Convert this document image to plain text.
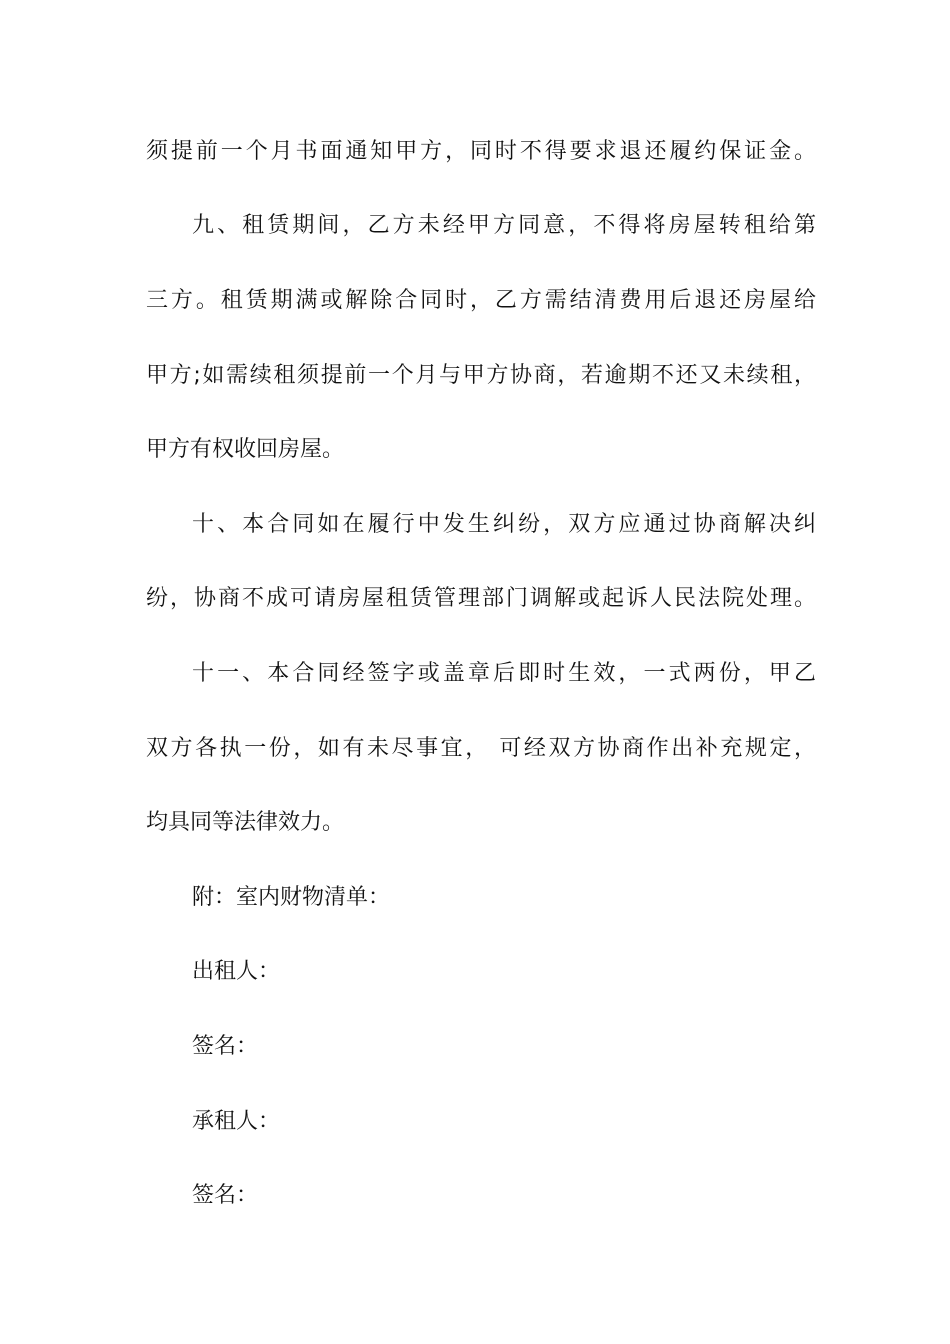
须提前一个月书面通知甲方，同时不得要求退还履约保证金。
九、租赁期间，乙方未经甲方同意，不得将房屋转租给第
三方。租赁期满或解除合同时，乙方需结清费用后退还房屋给
甲方;如需续租须提前一个月与甲方协商，若逾期不还又未续租，
甲方有权收回房屋。
十、本合同如在履行中发生纠纷，双方应通过协商解决纠
纷，协商不成可请房屋租赁管理部门调解或起诉人民法院处理。
十一、本合同经签字或盖章后即时生效，一式两份，甲乙
双方各执一份，如有未尽事宜， 可经双方协商作出补充规定，
均具同等法律效力。
附：室内财物清单：
出租人：
签名：
承租人：
签名：
